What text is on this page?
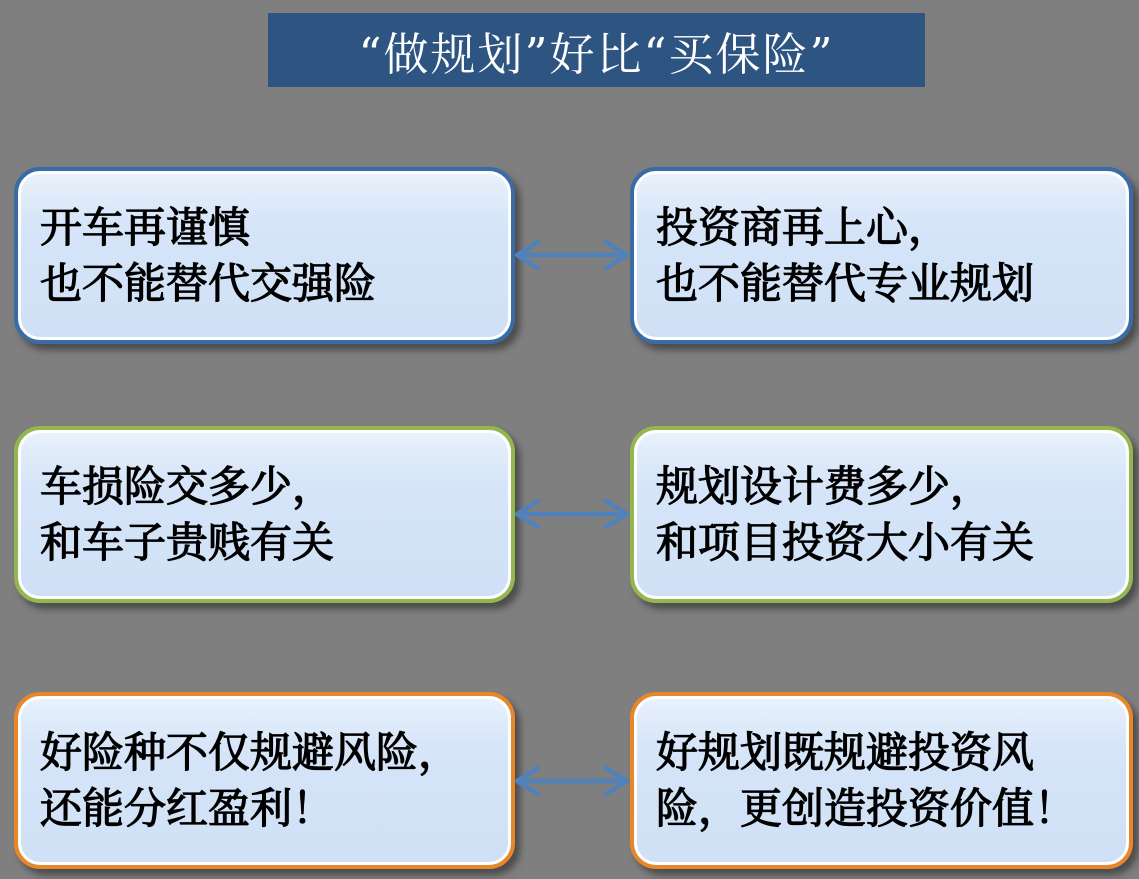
“做规划”好比“买保险”
开车再谨慎
也不能替代交强险
投资商再上心，
也不能替代专业规划
车损险交多少，
和车子贵贱有关
规划设计费多少，
和项目投资大小有关
好险种不仅规避风险，
还能分红盈利！
好规划既规避投资风
险，更创造投资价值！
